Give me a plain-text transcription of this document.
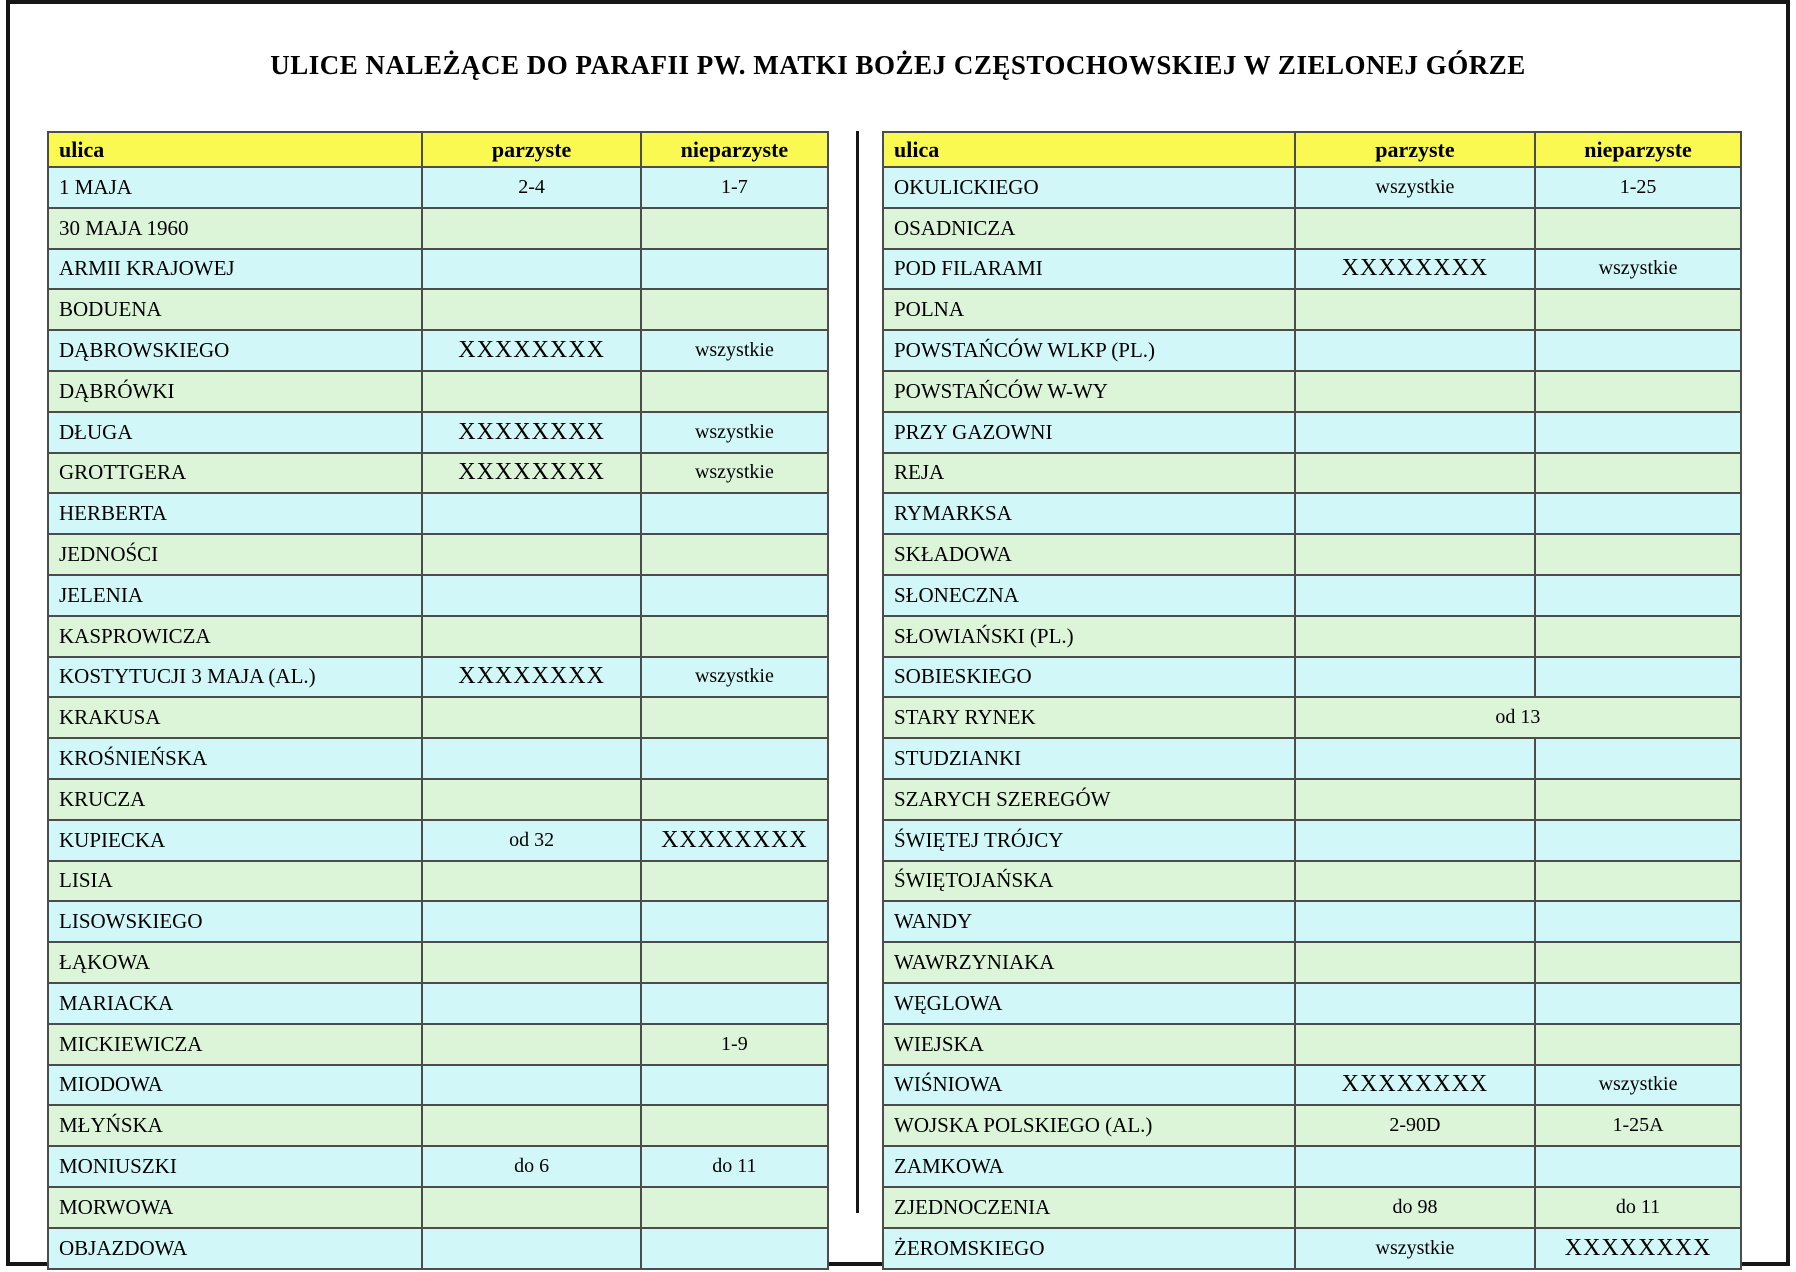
ULICE NALEŻĄCE DO PARAFII PW. MATKI BOŻEJ CZĘSTOCHOWSKIEJ W ZIELONEJ GÓRZE
ulica	parzyste	nieparzyste
1 MAJA	2-4	1-7
30 MAJA 1960		
ARMII KRAJOWEJ		
BODUENA		
DĄBROWSKIEGO	XXXXXXXX	wszystkie
DĄBRÓWKI		
DŁUGA	XXXXXXXX	wszystkie
GROTTGERA	XXXXXXXX	wszystkie
HERBERTA		
JEDNOŚCI		
JELENIA		
KASPROWICZA		
KOSTYTUCJI 3 MAJA (AL.)	XXXXXXXX	wszystkie
KRAKUSA		
KROŚNIEŃSKA		
KRUCZA		
KUPIECKA	od 32	XXXXXXXX
LISIA		
LISOWSKIEGO		
ŁĄKOWA		
MARIACKA		
MICKIEWICZA		1-9
MIODOWA		
MŁYŃSKA		
MONIUSZKI	do 6	do 11
MORWOWA		
OBJAZDOWA		
ulica	parzyste	nieparzyste
OKULICKIEGO	wszystkie	1-25
OSADNICZA		
POD FILARAMI	XXXXXXXX	wszystkie
POLNA		
POWSTAŃCÓW WLKP (PL.)		
POWSTAŃCÓW W-WY		
PRZY GAZOWNI		
REJA		
RYMARKSA		
SKŁADOWA		
SŁONECZNA		
SŁOWIAŃSKI (PL.)		
SOBIESKIEGO		
STARY RYNEK	od 13	
STUDZIANKI		
SZARYCH SZEREGÓW		
ŚWIĘTEJ TRÓJCY		
ŚWIĘTOJAŃSKA		
WANDY		
WAWRZYNIAKA		
WĘGLOWA		
WIEJSKA		
WIŚNIOWA	XXXXXXXX	wszystkie
WOJSKA POLSKIEGO (AL.)	2-90D	1-25A
ZAMKOWA		
ZJEDNOCZENIA	do 98	do 11
ŻEROMSKIEGO	wszystkie	XXXXXXXX
